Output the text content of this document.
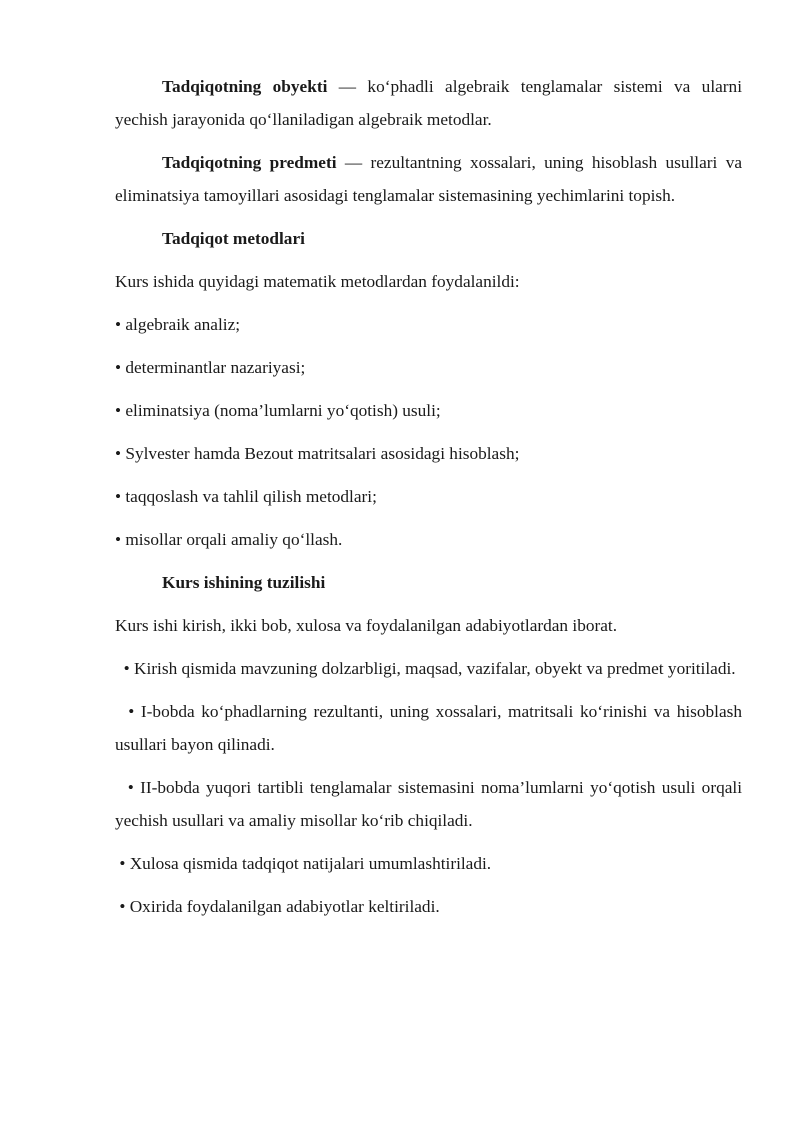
Tadqiqotning obyekti — ko‘phadli algebraik tenglamalar sistemi va ularni yechish jarayonida qo‘llaniladigan algebraik metodlar.

Tadqiqotning predmeti — rezultantning xossalari, uning hisoblash usullari va eliminatsiya tamoyillari asosidagi tenglamalar sistemasining yechimlarini topish.

Tadqiqot metodlari

Kurs ishida quyidagi matematik metodlardan foydalanildi:

• algebraik analiz;

• determinantlar nazariyasi;

• eliminatsiya (noma’lumlarni yo‘qotish) usuli;

• Sylvester hamda Bezout matritsalari asosidagi hisoblash;

• taqqoslash va tahlil qilish metodlari;

• misollar orqali amaliy qo‘llash.

Kurs ishining tuzilishi

Kurs ishi kirish, ikki bob, xulosa va foydalanilgan adabiyotlardan iborat.

• Kirish qismida mavzuning dolzarbligi, maqsad, vazifalar, obyekt va predmet yoritiladi.

• I-bobda ko‘phadlarning rezultanti, uning xossalari, matritsali ko‘rinishi va hisoblash usullari bayon qilinadi.

• II-bobda yuqori tartibli tenglamalar sistemasini noma’lumlarni yo‘qotish usuli orqali yechish usullari va amaliy misollar ko‘rib chiqiladi.

• Xulosa qismida tadqiqot natijalari umumlashtiriladi.

• Oxirida foydalanilgan adabiyotlar keltiriladi.
